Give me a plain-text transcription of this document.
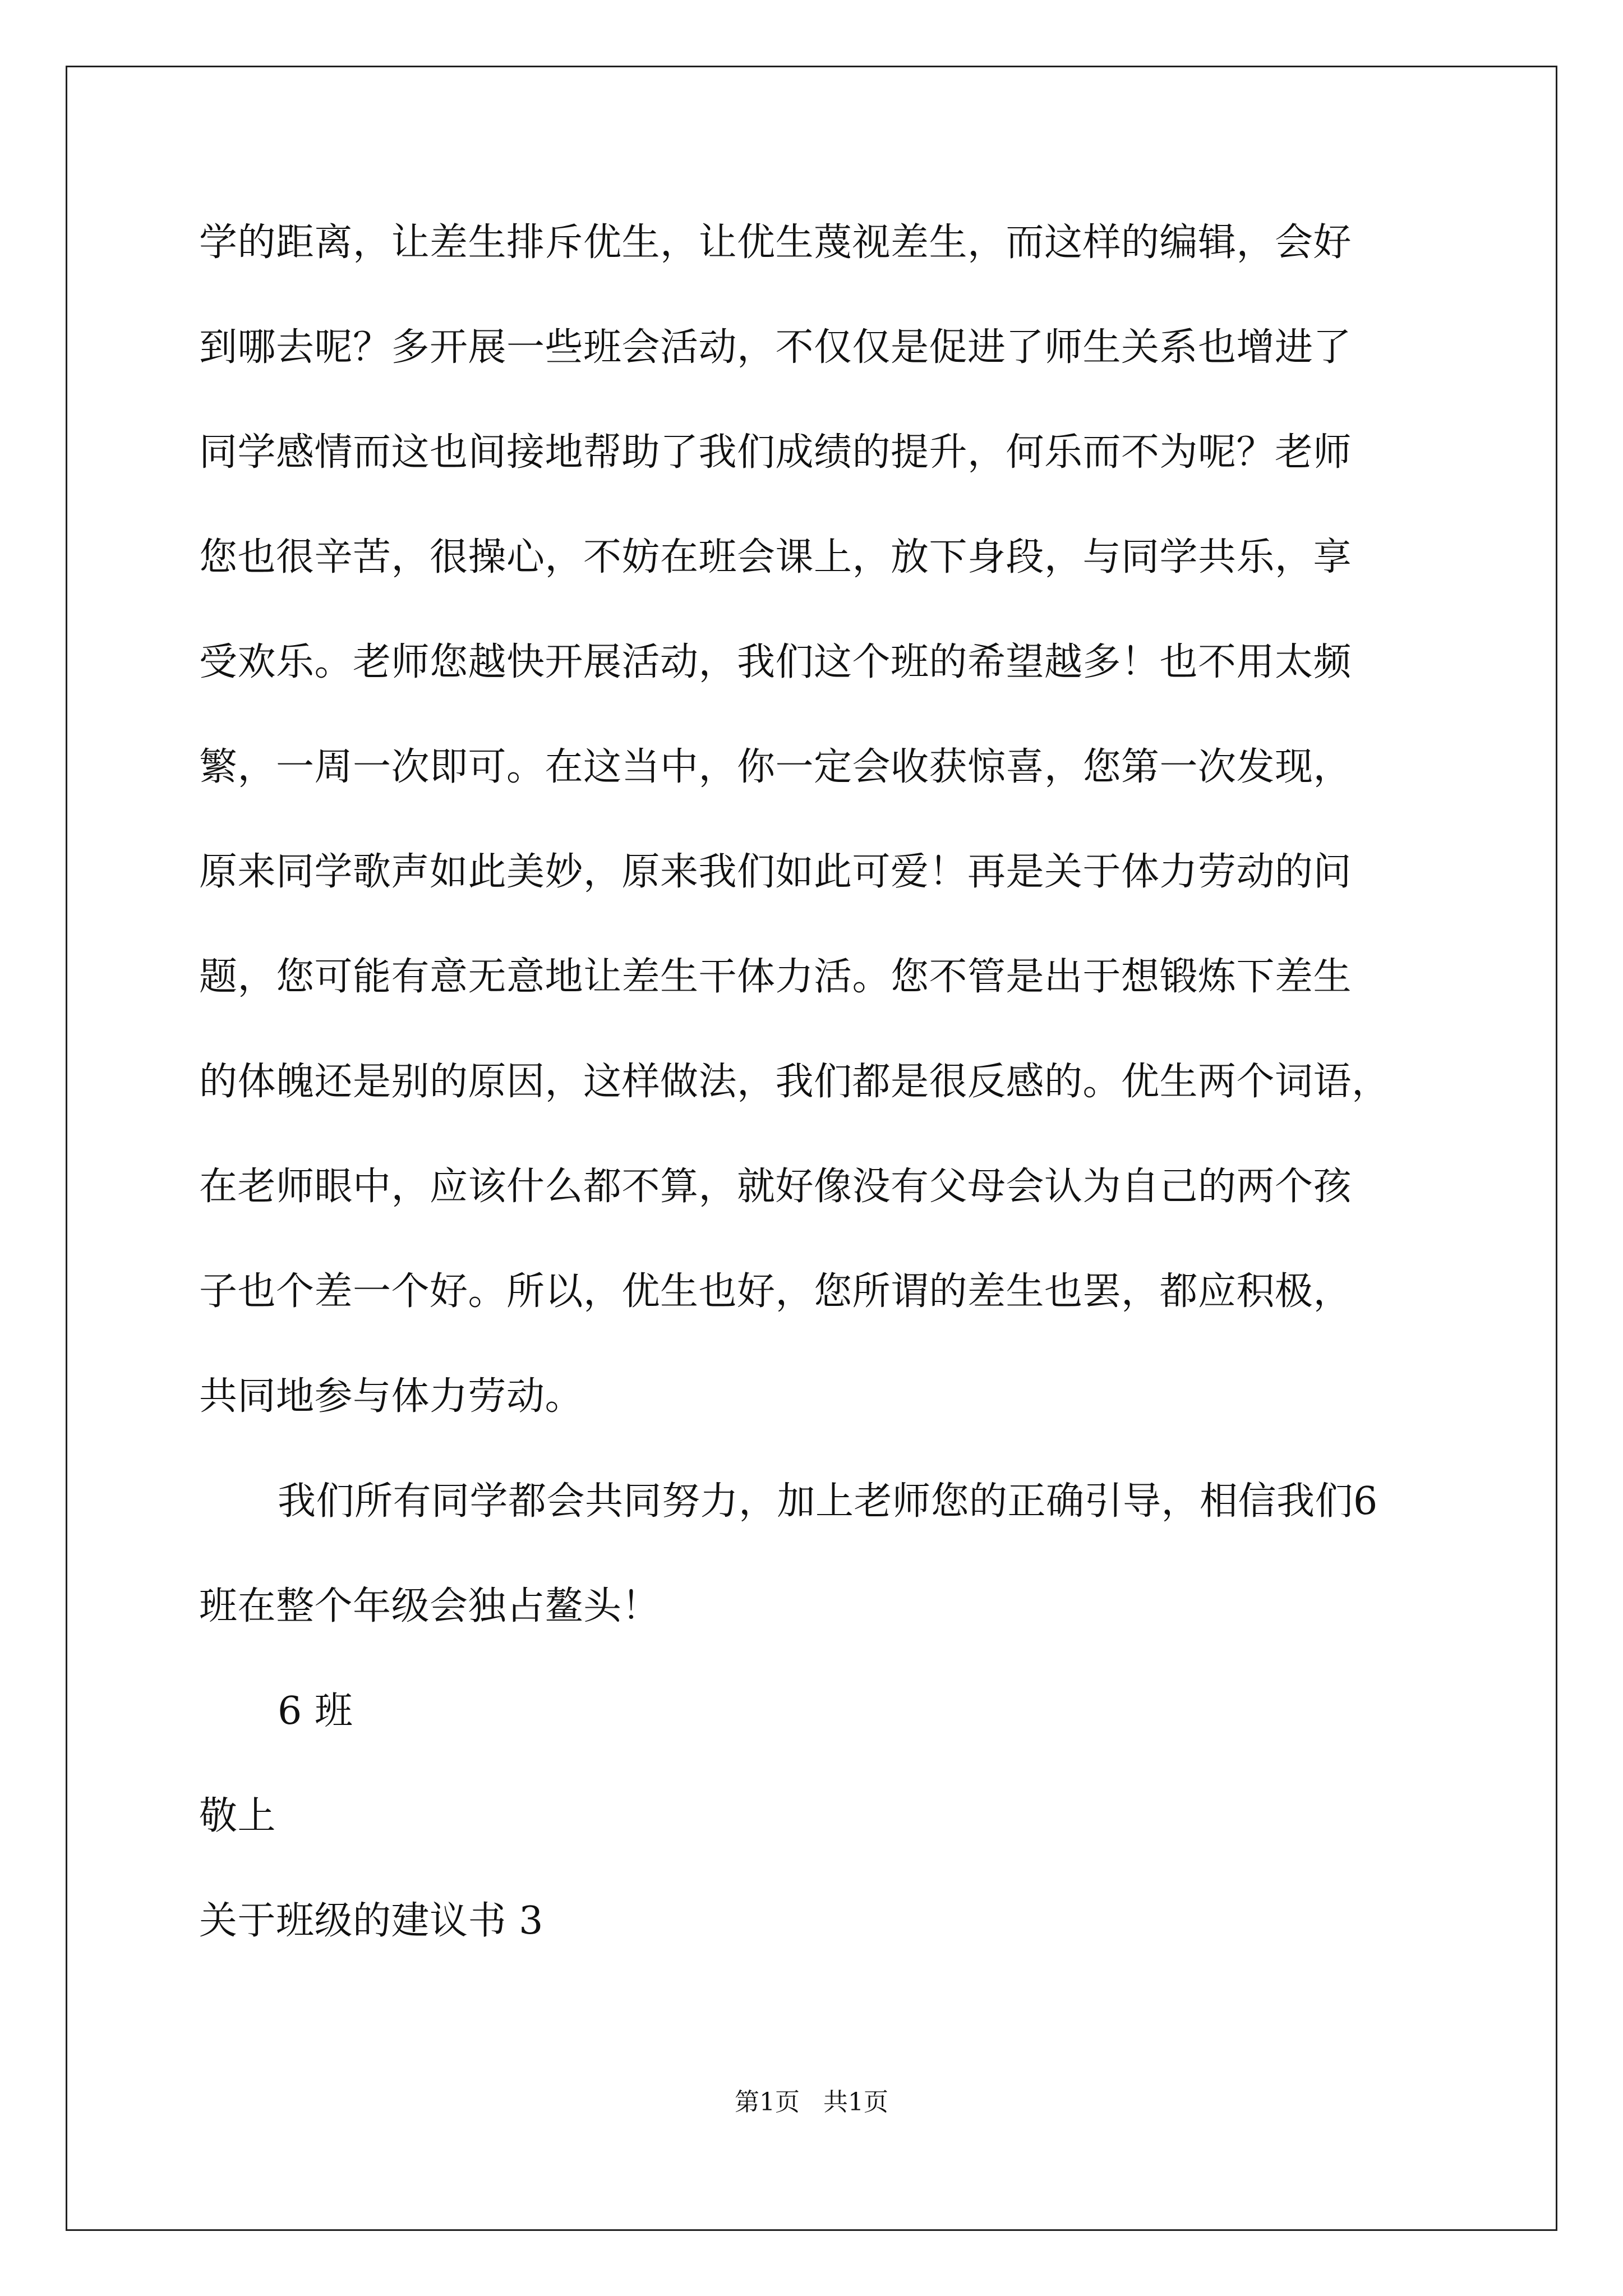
学的距离，让差生排斥优生，让优生蔑视差生，而这样的编辑，会好
到哪去呢？多开展一些班会活动，不仅仅是促进了师生关系也增进了
同学感情而这也间接地帮助了我们成绩的提升，何乐而不为呢？老师
您也很辛苦，很操心，不妨在班会课上，放下身段，与同学共乐，享
受欢乐。老师您越快开展活动，我们这个班的希望越多！也不用太频
繁，一周一次即可。在这当中，你一定会收获惊喜，您第一次发现，
原来同学歌声如此美妙，原来我们如此可爱！再是关于体力劳动的问
题，您可能有意无意地让差生干体力活。您不管是出于想锻炼下差生
的体魄还是别的原因，这样做法，我们都是很反感的。优生两个词语，
在老师眼中，应该什么都不算，就好像没有父母会认为自己的两个孩
子也个差一个好。所以，优生也好，您所谓的差生也罢，都应积极，
共同地参与体力劳动。
我们所有同学都会共同努力，加上老师您的正确引导，相信我们6
班在整个年级会独占鳌头！
6 班
敬上
关于班级的建议书 3
第1页   共1页
